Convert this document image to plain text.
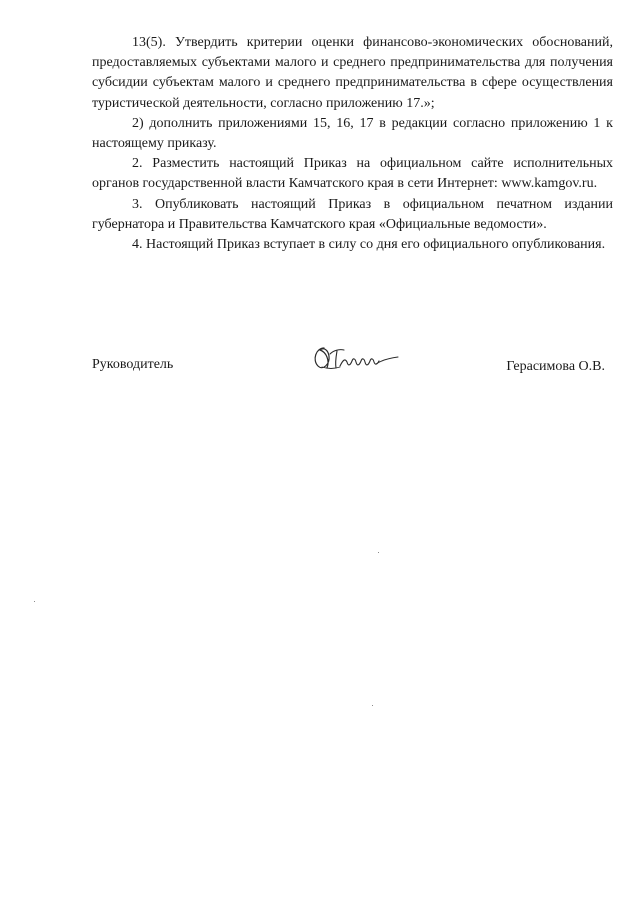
13(5). Утвердить критерии оценки финансово-экономических обоснований, предоставляемых субъектами малого и среднего предпринимательства для получения субсидии субъектам малого и среднего предпринимательства в сфере осуществления туристической деятельности, согласно приложению 17.»;

2) дополнить приложениями 15, 16, 17 в редакции согласно приложению 1 к настоящему приказу.

2. Разместить настоящий Приказ на официальном сайте исполнительных органов государственной власти Камчатского края в сети Интернет: www.kamgov.ru.

3. Опубликовать настоящий Приказ в официальном печатном издании губернатора и Правительства Камчатского края «Официальные ведомости».

4. Настоящий Приказ вступает в силу со дня его официального опубликования.

Руководитель	Герасимова О.В.
